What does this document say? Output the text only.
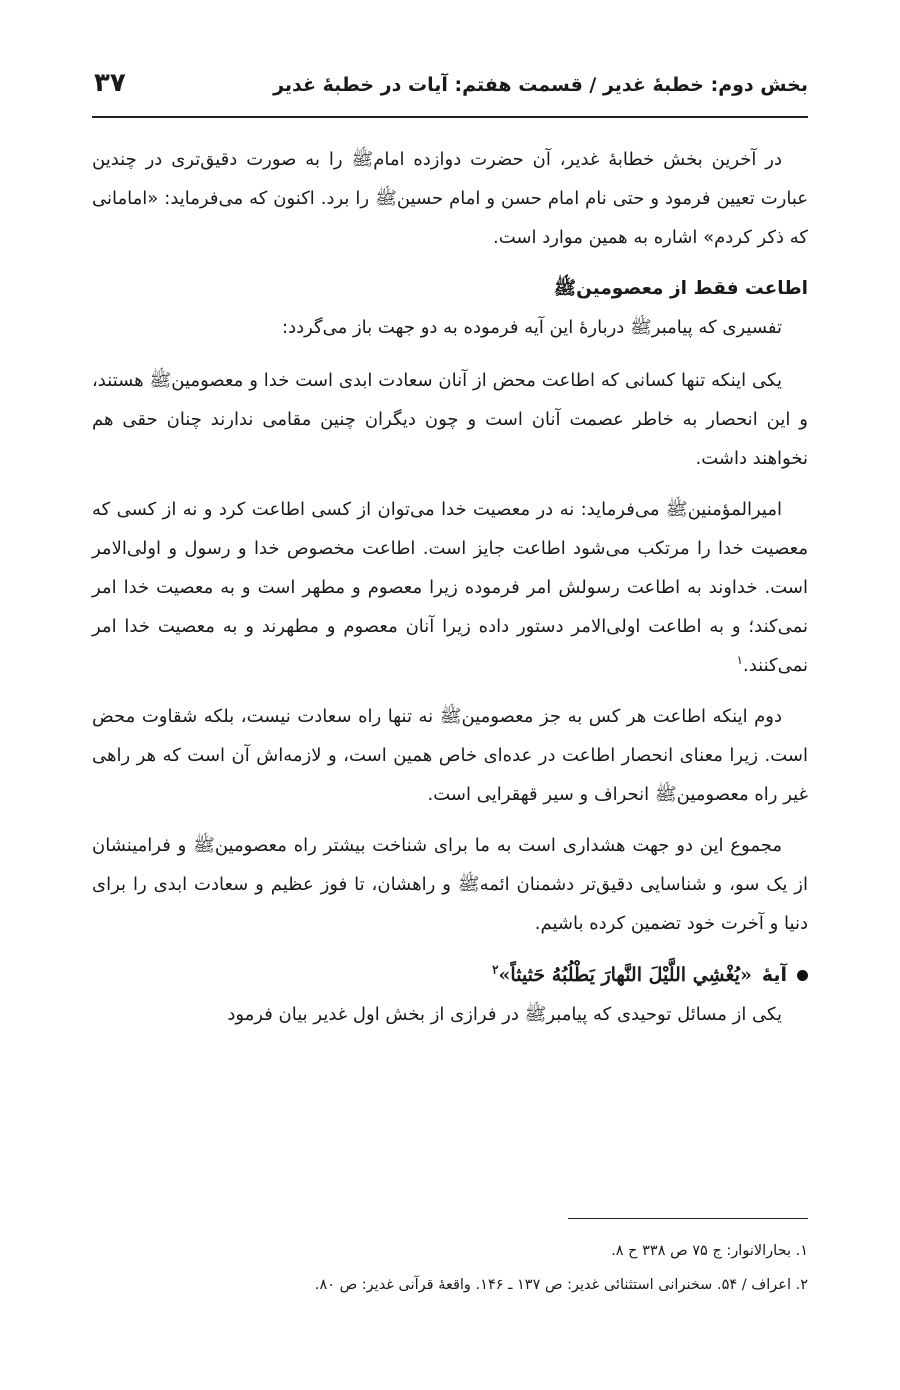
بخش دوم: خطبهٔ غدیر / قسمت هفتم: آیات در خطبهٔ غدیر
۳۷

در آخرین بخش خطابهٔ غدیر، آن حضرت دوازده امامﷺ را به صورت دقیق‌تری در چندین عبارت تعیین فرمود و حتی نام امام حسن و امام حسینﷺ را برد. اکنون که می‌فرماید: «امامانی که ذکر کردم» اشاره به همین موارد است.

اطاعت فقط از معصومینﷺ

تفسیری که پیامبرﷺ دربارهٔ این آیه فرموده به دو جهت باز می‌گردد:

یکی اینکه تنها کسانی که اطاعت محض از آنان سعادت ابدی است خدا و معصومینﷺ هستند، و این انحصار به خاطر عصمت آنان است و چون دیگران چنین مقامی ندارند چنان حقی هم نخواهند داشت.

امیرالمؤمنینﷺ می‌فرماید: نه در معصیت خدا می‌توان از کسی اطاعت کرد و نه از کسی که معصیت خدا را مرتکب می‌شود اطاعت جایز است. اطاعت مخصوص خدا و رسول و اولی‌الامر است. خداوند به اطاعت رسولش امر فرموده زیرا معصوم و مطهر است و به معصیت خدا امر نمی‌کند؛ و به اطاعت اولی‌الامر دستور داده زیرا آنان معصوم و مطهرند و به معصیت خدا امر نمی‌کنند.$^۱$

دوم اینکه اطاعت هر کس به جز معصومینﷺ نه تنها راه سعادت نیست، بلکه شقاوت محض است. زیرا معنای انحصار اطاعت در عده‌ای خاص همین است، و لازمه‌اش آن است که هر راهی غیر راه معصومینﷺ انحراف و سیر قهقرایی است.

مجموع این دو جهت هشداری است به ما برای شناخت بیشتر راه معصومینﷺ و فرامینشان از یک سو، و شناسایی دقیق‌تر دشمنان ائمهﷺ و راهشان، تا فوز عظیم و سعادت ابدی را برای دنیا و آخرت خود تضمین کرده باشیم.

آیهٔ
«يُغْشِي اللَّيْلَ النَّهارَ يَطْلُبُهُ حَثيثاً»$^۲$

یکی از مسائل توحیدی که پیامبرﷺ در فرازی از بخش اول غدیر بیان فرمود

۱. بحارالانوار: ج ۷۵ ص ۳۳۸ ح ۸.

۲. اعراف / ۵۴. سخنرانی استثنائی غدیر: ص ۱۳۷ ـ ۱۴۶. واقعهٔ قرآنی غدیر: ص ۸۰.
